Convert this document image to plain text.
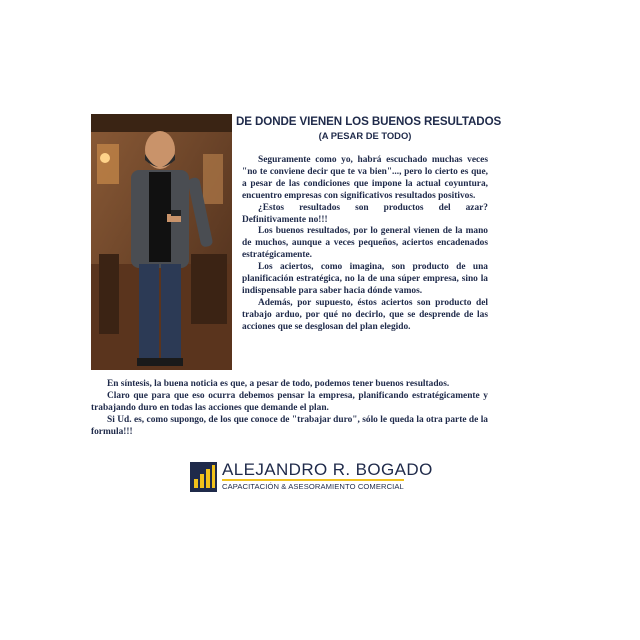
DE DONDE VIENEN LOS BUENOS RESULTADOS
(A PESAR DE TODO)

Seguramente como yo, habrá escuchado muchas veces "no te conviene decir que te va bien"..., pero lo cierto es que, a pesar de las condiciones que impone la actual coyuntura, encuentro empresas con significativos resultados positivos.

¿Estos resultados son productos del azar? Definitivamente no!!!

Los buenos resultados, por lo general vienen de la mano de muchos, aunque a veces pequeños, aciertos encadenados estratégicamente.

Los aciertos, como imagina, son producto de una planificación estratégica, no la de una súper empresa, sino la indispensable para saber hacia dónde vamos.

Además, por supuesto, éstos aciertos son producto del trabajo arduo, por qué no decirlo, que se desprende de las acciones que se desglosan del plan elegido.

En síntesis, la buena noticia es que, a pesar de todo, podemos tener buenos resultados.

Claro que para que eso ocurra debemos pensar la empresa, planificando estratégicamente y trabajando duro en todas las acciones que demande el plan.

Si Ud. es, como supongo, de los que conoce de "trabajar duro", sólo le queda la otra parte de la formula!!!

ALEJANDRO R. BOGADO
CAPACITACIÓN & ASESORAMIENTO COMERCIAL
